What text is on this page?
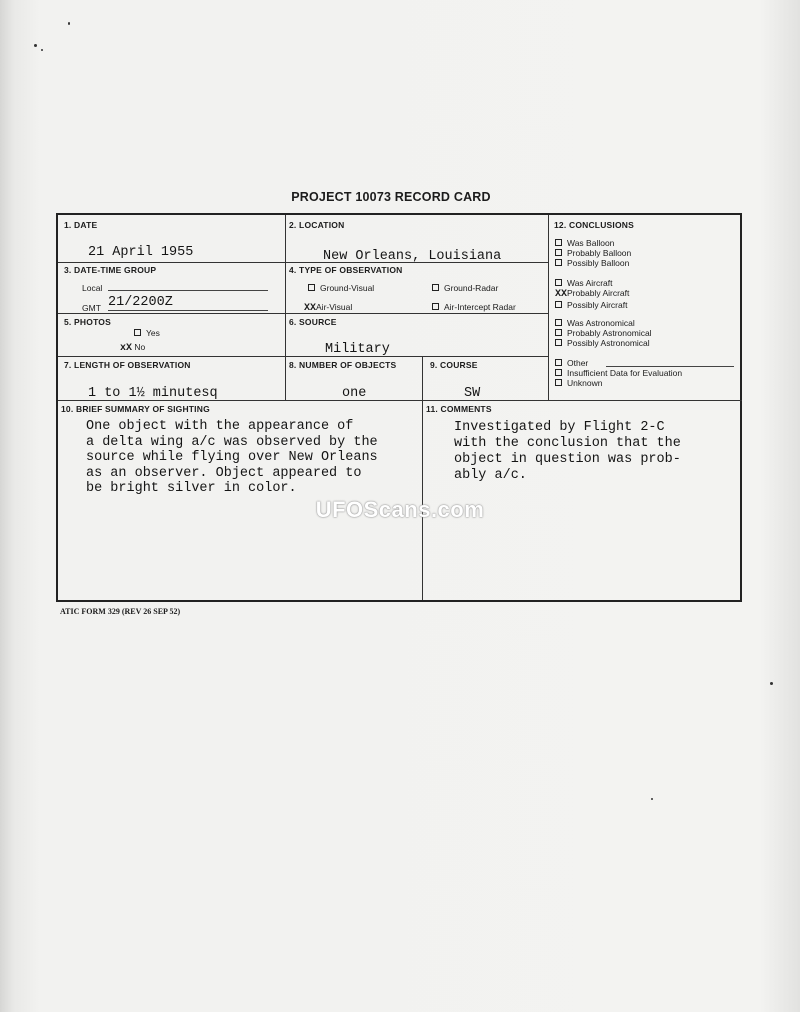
PROJECT 10073 RECORD CARD
1. DATE
21 April 1955
2. LOCATION
New Orleans, Louisiana
3. DATE-TIME GROUP
Local
GMT 21/2200Z
4. TYPE OF OBSERVATION
Ground-Visual	Ground-Radar
XXAir-Visual	Air-Intercept Radar
5. PHOTOS
Yes
xX No
6. SOURCE
Military
7. LENGTH OF OBSERVATION
1 to 1½ minutesq
8. NUMBER OF OBJECTS
one
9. COURSE
SW
10. BRIEF SUMMARY OF SIGHTING
One object with the appearance of
a delta wing a/c was observed by the
source while flying over New Orleans
as an observer. Object appeared to
be bright silver in color.
11. COMMENTS
Investigated by Flight 2-C
with the conclusion that the
object in question was prob-
ably a/c.
12. CONCLUSIONS
Was Balloon
Probably Balloon
Possibly Balloon
Was Aircraft
XXProbably Aircraft
Possibly Aircraft
Was Astronomical
Probably Astronomical
Possibly Astronomical
Other
Insufficient Data for Evaluation
Unknown
UFOScans.com
ATIC FORM 329 (REV 26 SEP 52)
